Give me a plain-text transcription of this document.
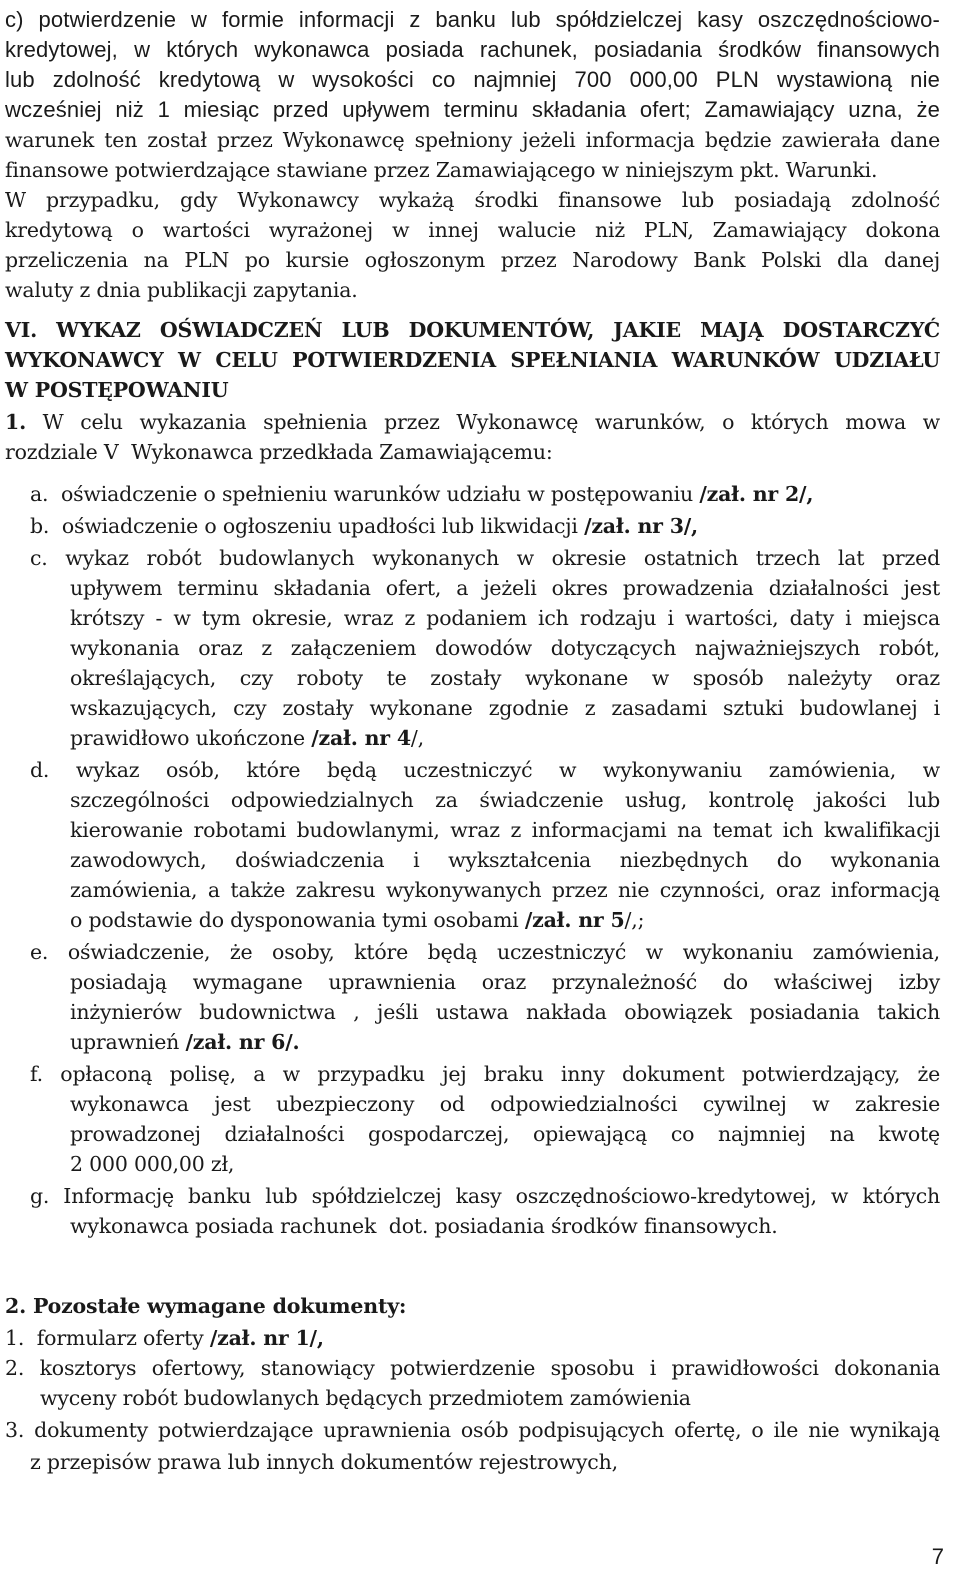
c) potwierdzenie w formie informacji z banku lub spółdzielczej kasy oszczędnościowo-
kredytowej, w których wykonawca posiada rachunek, posiadania środków finansowych
lub zdolność kredytową w wysokości co najmniej 700 000,00 PLN wystawioną nie
wcześniej niż 1 miesiąc przed upływem terminu składania ofert; Zamawiający uzna, że
warunek ten został przez Wykonawcę spełniony jeżeli informacja będzie zawierała dane
finansowe potwierdzające stawiane przez Zamawiającego w niniejszym pkt. Warunki.
W przypadku, gdy Wykonawcy wykażą środki finansowe lub posiadają zdolność
kredytową o wartości wyrażonej w innej walucie niż PLN, Zamawiający dokona
przeliczenia na PLN po kursie ogłoszonym przez Narodowy Bank Polski dla danej
waluty z dnia publikacji zapytania.
VI. WYKAZ OŚWIADCZEŃ LUB DOKUMENTÓW, JAKIE MAJĄ DOSTARCZYĆ
WYKONAWCY W CELU POTWIERDZENIA SPEŁNIANIA WARUNKÓW UDZIAŁU
W POSTĘPOWANIU
1. W celu wykazania spełnienia przez Wykonawcę warunków, o których mowa w
rozdziale V  Wykonawca przedkłada Zamawiającemu:
a.  oświadczenie o spełnieniu warunków udziału w postępowaniu /zał. nr 2/,
b.  oświadczenie o ogłoszeniu upadłości lub likwidacji /zał. nr 3/,
c. wykaz robót budowlanych wykonanych w okresie ostatnich trzech lat przed
upływem terminu składania ofert, a jeżeli okres prowadzenia działalności jest
krótszy - w tym okresie, wraz z podaniem ich rodzaju i wartości, daty i miejsca
wykonania oraz z załączeniem dowodów dotyczących najważniejszych robót,
określających, czy roboty te zostały wykonane w sposób należyty oraz
wskazujących, czy zostały wykonane zgodnie z zasadami sztuki budowlanej i
prawidłowo ukończone /zał. nr 4/,
d. wykaz osób, które będą uczestniczyć w wykonywaniu zamówienia, w
szczególności odpowiedzialnych za świadczenie usług, kontrolę jakości lub
kierowanie robotami budowlanymi, wraz z informacjami na temat ich kwalifikacji
zawodowych, doświadczenia i wykształcenia niezbędnych do wykonania
zamówienia, a także zakresu wykonywanych przez nie czynności, oraz informacją
o podstawie do dysponowania tymi osobami /zał. nr 5/,;
e. oświadczenie, że osoby, które będą uczestniczyć w wykonaniu zamówienia,
posiadają wymagane uprawnienia oraz przynależność do właściwej izby
inżynierów budownictwa , jeśli ustawa nakłada obowiązek posiadania takich
uprawnień /zał. nr 6/.
f. opłaconą polisę, a w przypadku jej braku inny dokument potwierdzający, że
wykonawca jest ubezpieczony od odpowiedzialności cywilnej w zakresie
prowadzonej działalności gospodarczej, opiewającą co najmniej na kwotę
2 000 000,00 zł,
g. Informację banku lub spółdzielczej kasy oszczędnościowo-kredytowej, w których
wykonawca posiada rachunek  dot. posiadania środków finansowych.
2. Pozostałe wymagane dokumenty:
1.  formularz oferty /zał. nr 1/,
2. kosztorys ofertowy, stanowiący potwierdzenie sposobu i prawidłowości dokonania
wyceny robót budowlanych będących przedmiotem zamówienia
3. dokumenty potwierdzające uprawnienia osób podpisujących ofertę, o ile nie wynikają
z przepisów prawa lub innych dokumentów rejestrowych,
7
